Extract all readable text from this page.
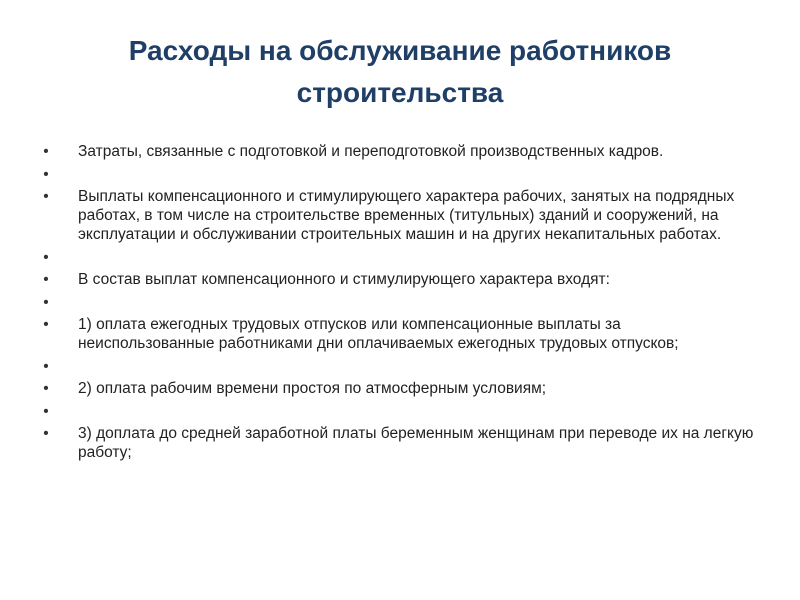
Расходы на обслуживание работников строительства
• Затраты, связанные с подготовкой и переподготовкой производственных кадров.
•
• Выплаты компенсационного и стимулирующего характера рабочих, занятых на подрядных работах, в том числе на строительстве временных (титульных) зданий и сооружений, на эксплуатации и обслуживании строительных машин и на других некапитальных работах.
•
• В состав выплат компенсационного и стимулирующего характера входят:
•
• 1) оплата ежегодных трудовых отпусков или компенсационные выплаты за неиспользованные работниками дни оплачиваемых ежегодных трудовых отпусков;
•
• 2) оплата рабочим времени простоя по атмосферным условиям;
•
• 3) доплата до средней заработной платы беременным женщинам при переводе их на легкую работу;
